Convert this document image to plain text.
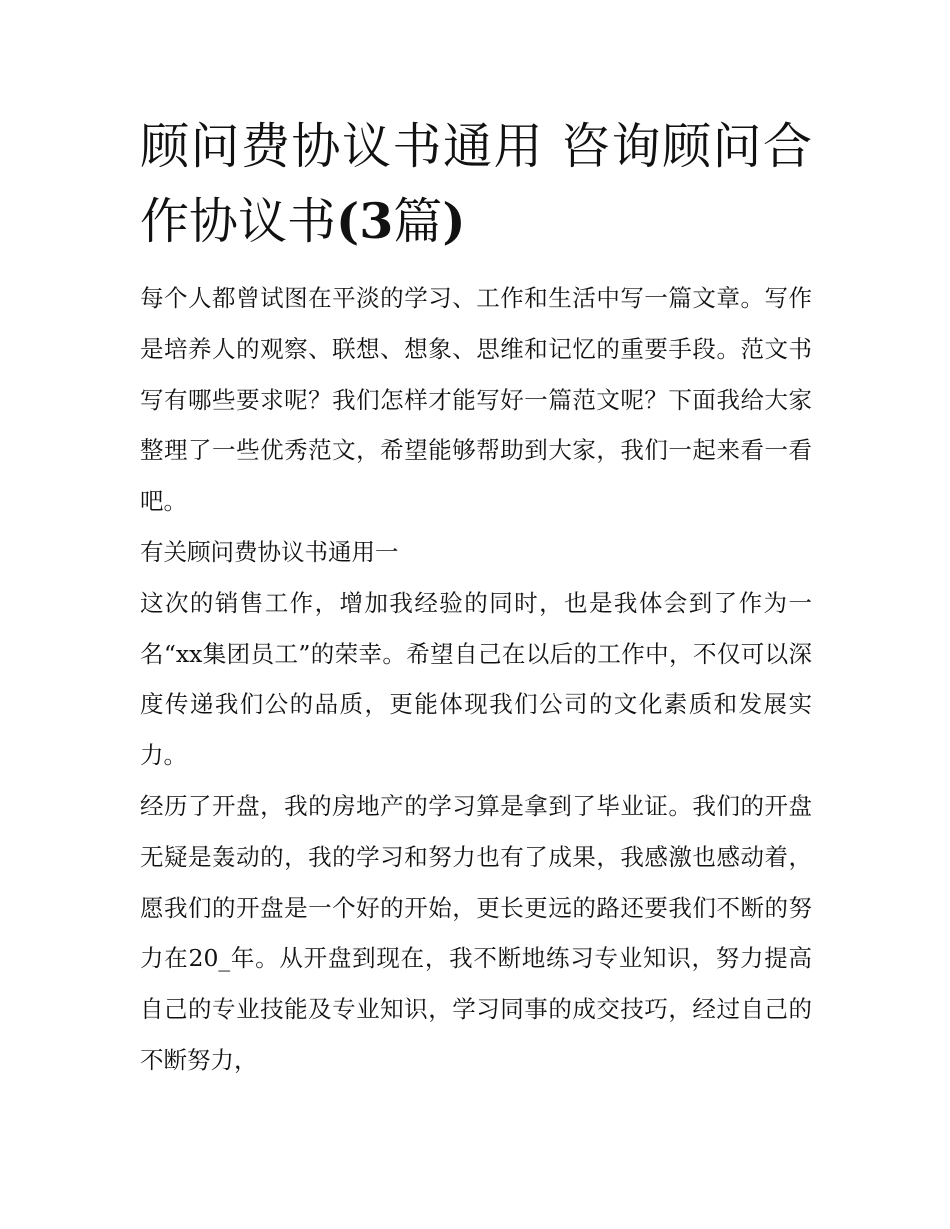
顾问费协议书通用 咨询顾问合作协议书(3篇)

每个人都曾试图在平淡的学习、工作和生活中写一篇文章。写作是培养人的观察、联想、想象、思维和记忆的重要手段。范文书写有哪些要求呢？我们怎样才能写好一篇范文呢？下面我给大家整理了一些优秀范文，希望能够帮助到大家，我们一起来看一看吧。

有关顾问费协议书通用一

这次的销售工作，增加我经验的同时，也是我体会到了作为一名“xx集团员工”的荣幸。希望自己在以后的工作中，不仅可以深度传递我们公的品质，更能体现我们公司的文化素质和发展实力。

经历了开盘，我的房地产的学习算是拿到了毕业证。我们的开盘无疑是轰动的，我的学习和努力也有了成果，我感激也感动着，愿我们的开盘是一个好的开始，更长更远的路还要我们不断的努力在20_年。从开盘到现在，我不断地练习专业知识，努力提高自己的专业技能及专业知识，学习同事的成交技巧，经过自己的不断努力，
